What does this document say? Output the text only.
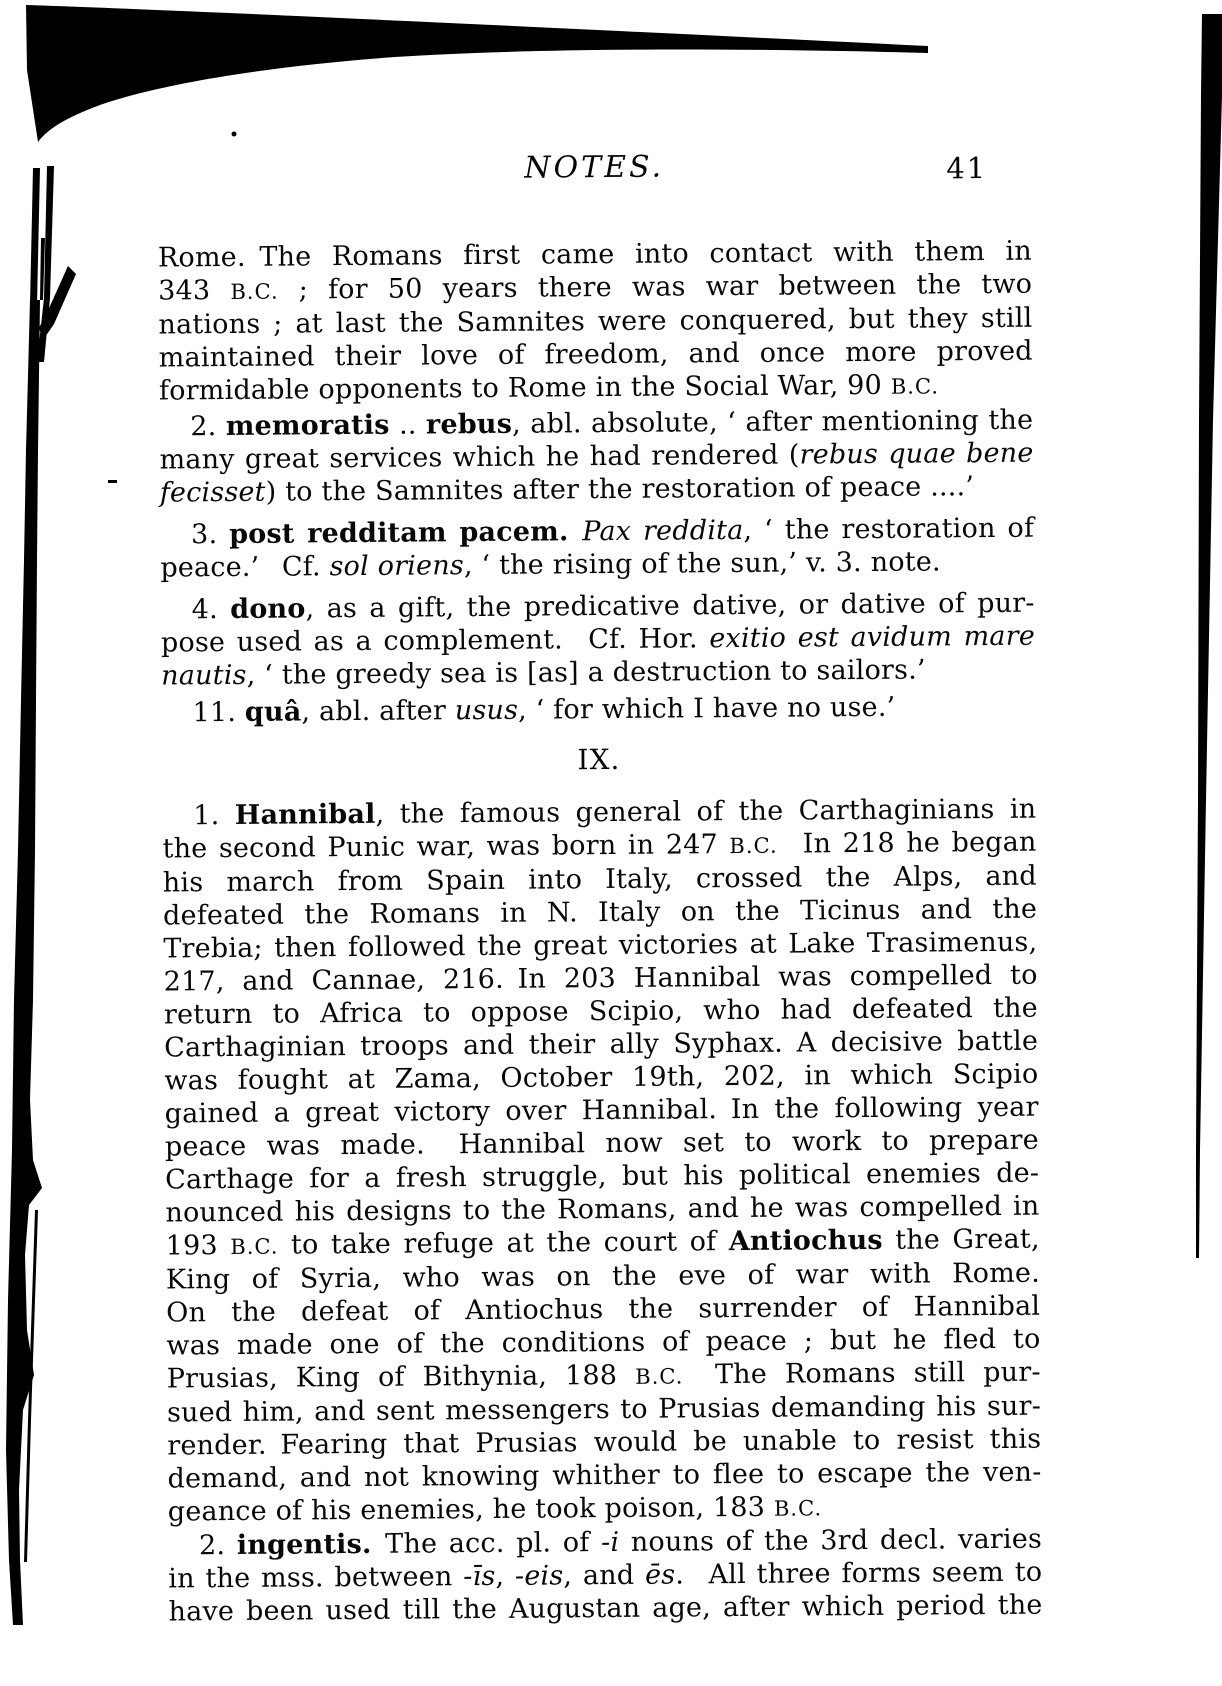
NOTES.	41
Rome. The Romans first came into contact with them in
343 B.C. ; for 50 years there was war between the two
nations ; at last the Samnites were conquered, but they still
maintained their love of freedom, and once more proved
formidable opponents to Rome in the Social War, 90 B.C.
2. memoratis .. rebus, abl. absolute, ‘ after mentioning the
many great services which he had rendered (rebus quae bene
fecisset) to the Samnites after the restoration of peace ....’
3. post redditam pacem.  Pax reddita, ‘ the restoration of
peace.’  Cf. sol oriens, ‘ the rising of the sun,’ v. 3. note.
4. dono, as a gift, the predicative dative, or dative of pur-
pose used as a complement.  Cf. Hor. exitio est avidum mare
nautis, ‘ the greedy sea is [as] a destruction to sailors.’
11. quâ, abl. after usus, ‘ for which I have no use.’
IX.
1. Hannibal, the famous general of the Carthaginians in
the second Punic war, was born in 247 B.C.  In 218 he began
his march from Spain into Italy, crossed the Alps, and
defeated the Romans in N. Italy on the Ticinus and the
Trebia; then followed the great victories at Lake Trasimenus,
217, and Cannae, 216. In 203 Hannibal was compelled to
return to Africa to oppose Scipio, who had defeated the
Carthaginian troops and their ally Syphax. A decisive battle
was fought at Zama, October 19th, 202, in which Scipio
gained a great victory over Hannibal. In the following year
peace was made.  Hannibal now set to work to prepare
Carthage for a fresh struggle, but his political enemies de-
nounced his designs to the Romans, and he was compelled in
193 B.C. to take refuge at the court of Antiochus the Great,
King of Syria, who was on the eve of war with Rome.
On the defeat of Antiochus the surrender of Hannibal
was made one of the conditions of peace ; but he fled to
Prusias, King of Bithynia, 188 B.C.  The Romans still pur-
sued him, and sent messengers to Prusias demanding his sur-
render. Fearing that Prusias would be unable to resist this
demand, and not knowing whither to flee to escape the ven-
geance of his enemies, he took poison, 183 B.C.
2. ingentis. The acc. pl. of -i nouns of the 3rd decl. varies
in the mss. between -īs, -eis, and ēs.  All three forms seem to
have been used till the Augustan age, after which period the
